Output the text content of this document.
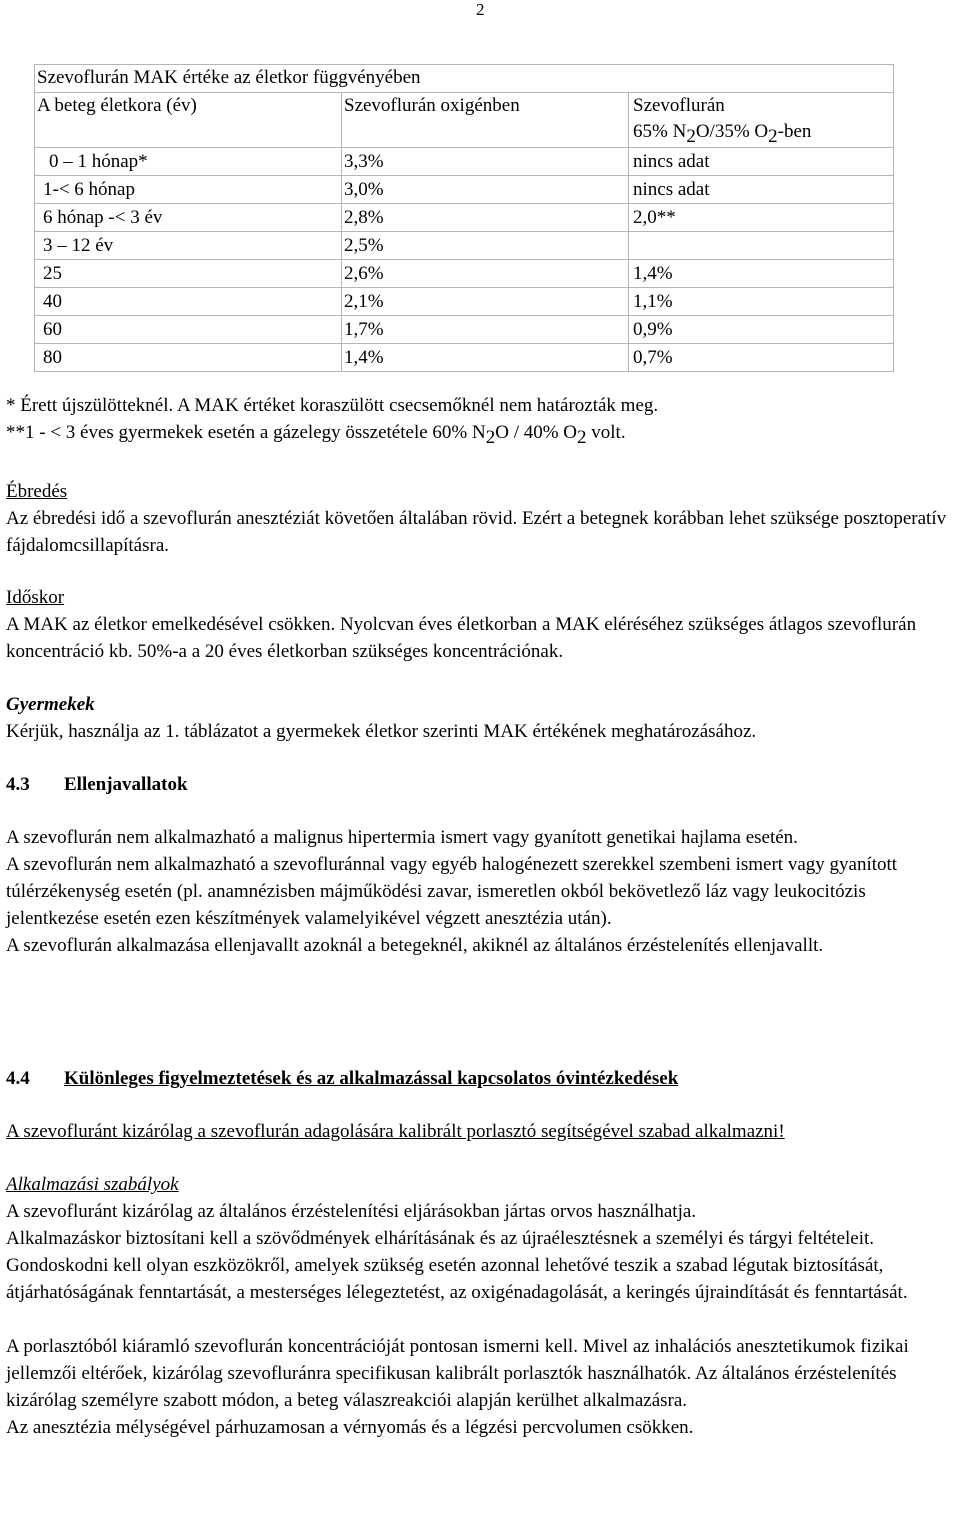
2
Szevoflurán MAK értéke az életkor függvényében		
A beteg életkora (év)	Szevoflurán oxigénben	Szevoflurán
65% $N_2O/35\%$ $O_2$-ben

0 – 1 hónap*	3,3%	nincs adat
1-< 6 hónap	3,0%	nincs adat
6 hónap -< 3 év	2,8%	2,0**
3 – 12 év	2,5%	
25	2,6%	1,4%
40	2,1%	1,1%
60	1,7%	0,9%
80	1,4%	0,7%

* Érett újszülötteknél. A MAK értéket koraszülött csecsemőknél nem határozták meg.

**1 - < 3 éves gyermekek esetén a gázelegy összetétele 60% $N_2O / 40\%$ $O_2$ volt.

Ébredés

Az ébredési idő a szevoflurán anesztéziát követően általában rövid. Ezért a betegnek korábban lehet szüksége posztoperatív fájdalomcsillapításra.

Időskor

A MAK az életkor emelkedésével csökken. Nyolcvan éves életkorban a MAK eléréséhez szükséges átlagos szevoflurán koncentráció kb. 50%-a a 20 éves életkorban szükséges koncentrációnak.

Gyermekek

Kérjük, használja az 1. táblázatot a gyermekek életkor szerinti MAK értékének meghatározásához.

4.3 Ellenjavallatok

A szevoflurán nem alkalmazható a malignus hipertermia ismert vagy gyanított genetikai hajlama esetén.

A szevoflurán nem alkalmazható a szevofluránnal vagy egyéb halogénezett szerekkel szembeni ismert vagy gyanított túlérzékenység esetén (pl. anamnézisben májműködési zavar, ismeretlen okból bekövetlező láz vagy leukocitózis jelentkezése esetén ezen készítmények valamelyikével végzett anesztézia után).

A szevoflurán alkalmazása ellenjavallt azoknál a betegeknél, akiknél az általános érzéstelenítés ellenjavallt.

4.4 Különleges figyelmeztetések és az alkalmazással kapcsolatos óvintézkedések

A szevofluránt kizárólag a szevoflurán adagolására kalibrált porlasztó segítségével szabad alkalmazni!

Alkalmazási szabályok

A szevofluránt kizárólag az általános érzéstelenítési eljárásokban jártas orvos használhatja.

Alkalmazáskor biztosítani kell a szövődmények elhárításának és az újraélesztésnek a személyi és tárgyi feltételeit.

Gondoskodni kell olyan eszközökről, amelyek szükség esetén azonnal lehetővé teszik a szabad légutak biztosítását, átjárhatóságának fenntartását, a mesterséges lélegeztetést, az oxigénadagolását, a keringés újraindítását és fenntartását.

A porlasztóból kiáramló szevoflurán koncentrációját pontosan ismerni kell. Mivel az inhalációs anesztetikumok fizikai jellemzői eltérőek, kizárólag szevofluránra specifikusan kalibrált porlasztók használhatók. Az általános érzéstelenítés kizárólag személyre szabott módon, a beteg válaszreakciói alapján kerülhet alkalmazásra.

Az anesztézia mélységével párhuzamosan a vérnyomás és a légzési percvolumen csökken.
